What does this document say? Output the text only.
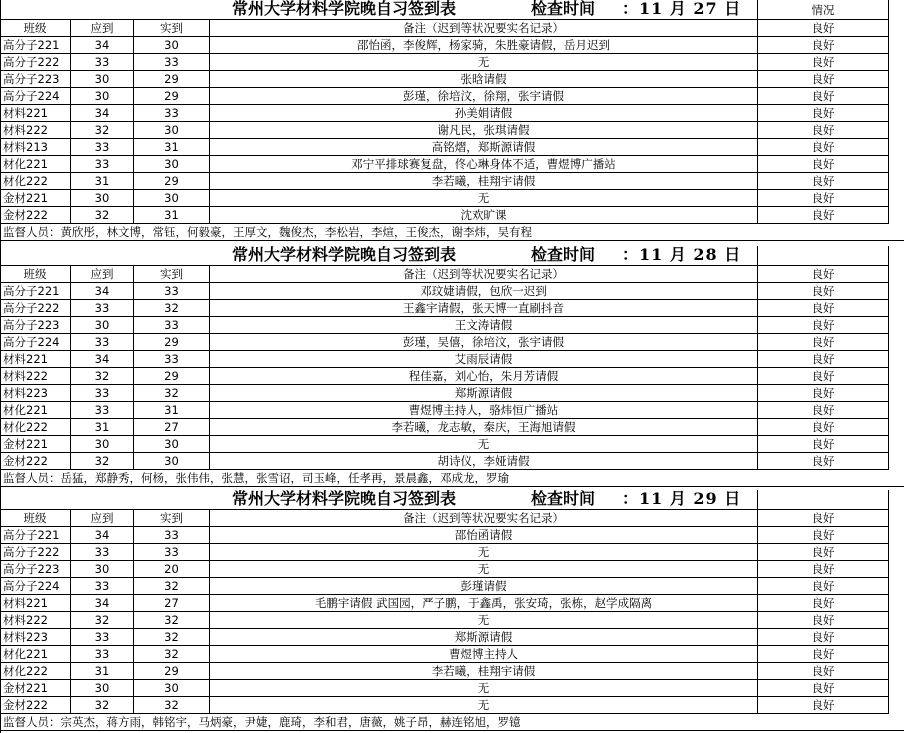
常州大学材料学院晚自习签到表	检查时间 ：11 月 27 日	情况
班级	应到	实到	备注（迟到等状况要实名记录）	良好
高分子221	34	30	邵怡函，李俊辉，杨家骑，朱胜豪请假，岳月迟到	良好
高分子222	33	33	无	良好
高分子223	30	29	张晗请假	良好
高分子224	30	29	彭瑾，徐培汶，徐翔，张宇请假	良好
材料221	34	33	孙美娟请假	良好
材料222	32	30	谢凡民，张琪请假	良好
材料213	33	31	高铭熠，郑斯源请假	良好
材化221	33	30	邓宁平排球赛复盘，佟心琳身体不适，曹煜博广播站	良好
材化222	31	29	李若曦，桂翔宇请假	良好
金材221	30	30	无	良好
金材222	32	31	沈欢旷课	良好
监督人员：黄欣彤，林文博，常钰，何毅豪，王厚文，魏俊杰，李松岩，李煊，王俊杰，谢李炜，吴有程
常州大学材料学院晚自习签到表	检查时间 ：11 月 28 日
班级	应到	实到	备注（迟到等状况要实名记录）	良好
高分子221	34	33	邓玟婕请假，包欣一迟到	良好
高分子222	33	32	王鑫宇请假，张天博一直刷抖音	良好
高分子223	30	33	王文涛请假	良好
高分子224	33	29	彭瑾，吴僖，徐培汶，张宇请假	良好
材料221	34	33	艾雨辰请假	良好
材料222	32	29	程佳嘉，刘心怡，朱月芳请假	良好
材料223	33	32	郑斯源请假	良好
材化221	33	31	曹煜博主持人，骆炜恒广播站	良好
材化222	31	27	李若曦，龙志敏，秦庆，王海旭请假	良好
金材221	30	30	无	良好
金材222	32	30	胡诗仪，李娅请假	良好
监督人员：岳猛，郑静秀，何杨，张伟伟，张慧，张雪诏，司玉峰，任孝再，景晨鑫，邓成龙，罗瑜
常州大学材料学院晚自习签到表	检查时间 ：11 月 29 日
班级	应到	实到	备注（迟到等状况要实名记录）	良好
高分子221	34	33	邵怡函请假	良好
高分子222	33	33	无	良好
高分子223	30	20	无	良好
高分子224	33	32	彭瑾请假	良好
材料221	34	27	毛鹏宇请假 武国园，严子鹏，于鑫禹，张安琦，张栋，赵学成隔离	良好
材料222	32	32	无	良好
材料223	33	32	郑斯源请假	良好
材化221	33	32	曹煜博主持人	良好
材化222	31	29	李若曦，桂翔宇请假	良好
金材221	30	30	无	良好
金材222	32	32	无	良好
监督人员：宗英杰，蒋方雨，韩铭宇，马炳豪，尹婕，鹿琦，李和君，唐薇，姚子昂，赫连铭旭，罗镱
